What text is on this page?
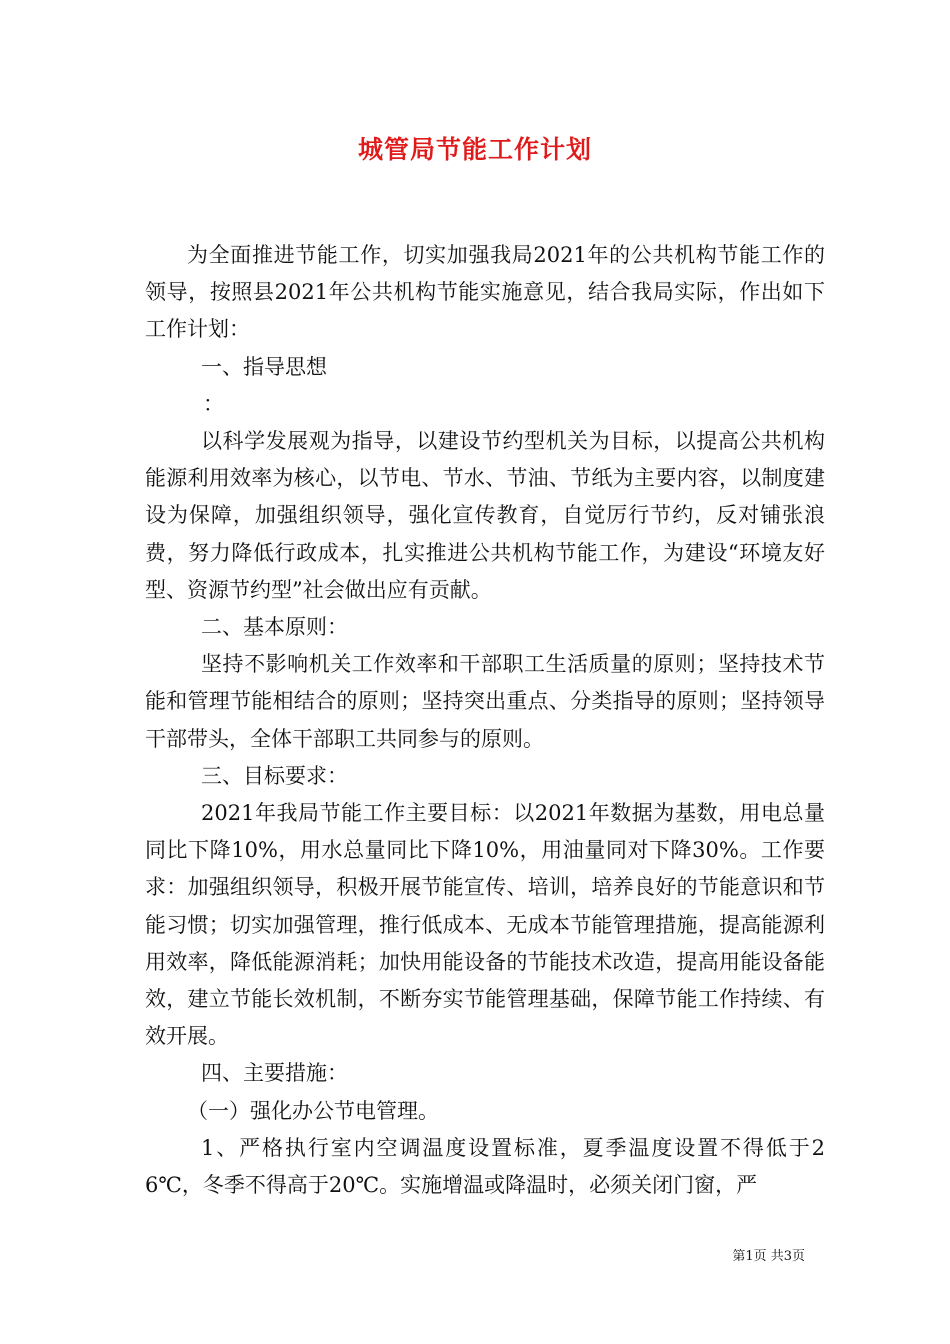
城管局节能工作计划

为全面推进节能工作，切实加强我局2021年的公共机构节能工作的领导，按照县2021年公共机构节能实施意见，结合我局实际，作出如下工作计划：

一、指导思想

：

以科学发展观为指导，以建设节约型机关为目标，以提高公共机构能源利用效率为核心，以节电、节水、节油、节纸为主要内容，以制度建设为保障，加强组织领导，强化宣传教育，自觉厉行节约，反对铺张浪费，努力降低行政成本，扎实推进公共机构节能工作，为建设“环境友好型、资源节约型”社会做出应有贡献。

二、基本原则：

坚持不影响机关工作效率和干部职工生活质量的原则；坚持技术节能和管理节能相结合的原则；坚持突出重点、分类指导的原则；坚持领导干部带头，全体干部职工共同参与的原则。

三、目标要求：

2021年我局节能工作主要目标：以2021年数据为基数，用电总量同比下降10%，用水总量同比下降10%，用油量同对下降30%。工作要求：加强组织领导，积极开展节能宣传、培训，培养良好的节能意识和节能习惯；切实加强管理，推行低成本、无成本节能管理措施，提高能源利用效率，降低能源消耗；加快用能设备的节能技术改造，提高用能设备能效，建立节能长效机制，不断夯实节能管理基础，保障节能工作持续、有效开展。

四、主要措施：

（一）强化办公节电管理。

1、严格执行室内空调温度设置标准，夏季温度设置不得低于26℃，冬季不得高于20℃。实施增温或降温时，必须关闭门窗，严

第1页 共3页
